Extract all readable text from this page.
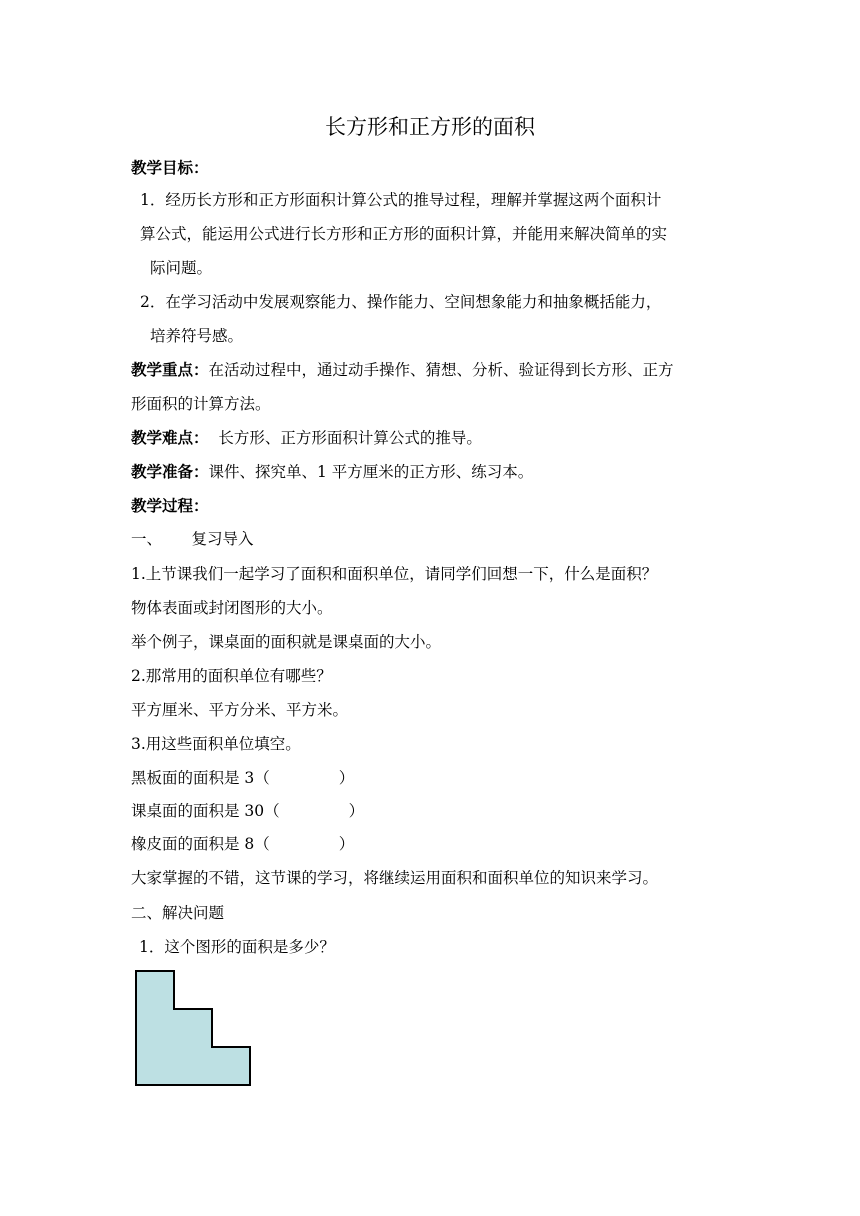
长方形和正方形的面积
教学目标：
1．经历长方形和正方形面积计算公式的推导过程，理解并掌握这两个面积计
算公式，能运用公式进行长方形和正方形的面积计算，并能用来解决简单的实
际问题。
2．在学习活动中发展观察能力、操作能力、空间想象能力和抽象概括能力，
培养符号感。
教学重点：在活动过程中，通过动手操作、猜想、分析、验证得到长方形、正方
形面积的计算方法。
教学难点：  长方形、正方形面积计算公式的推导。
教学准备：课件、探究单、1 平方厘米的正方形、练习本。
教学过程：
一、      复习导入
1.上节课我们一起学习了面积和面积单位，请同学们回想一下，什么是面积？
物体表面或封闭图形的大小。
举个例子，课桌面的面积就是课桌面的大小。
2.那常用的面积单位有哪些？
平方厘米、平方分米、平方米。
3.用这些面积单位填空。
黑板面的面积是 3（              ）
课桌面的面积是 30（              ）
橡皮面的面积是 8（              ）
大家掌握的不错，这节课的学习，将继续运用面积和面积单位的知识来学习。
二、解决问题
1．这个图形的面积是多少？
